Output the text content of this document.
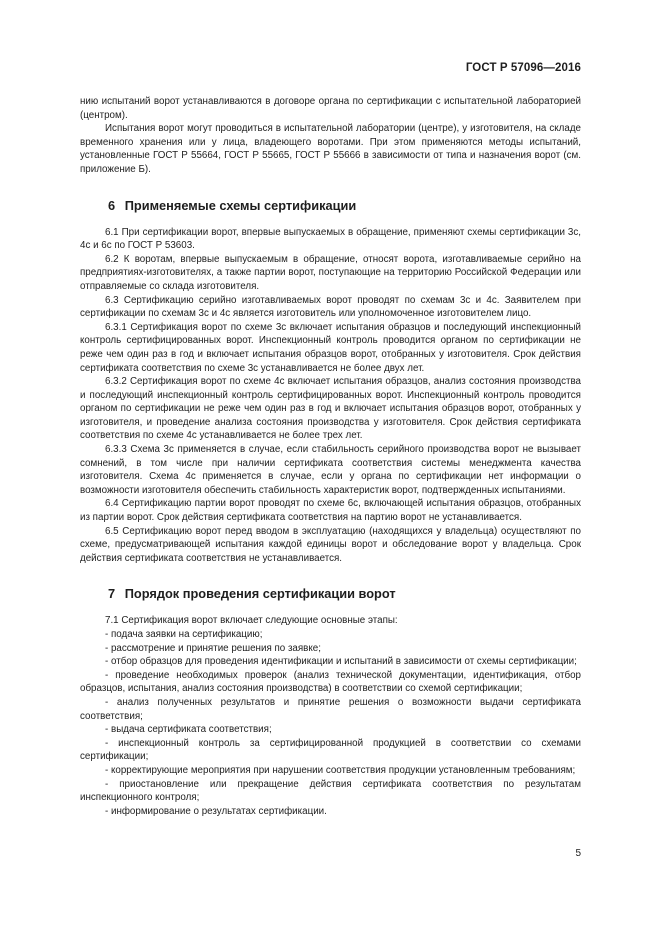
ГОСТ Р 57096—2016

нию испытаний ворот устанавливаются в договоре органа по сертификации с испытательной лабораторией (центром).

Испытания ворот могут проводиться в испытательной лаборатории (центре), у изготовителя, на складе временного хранения или у лица, владеющего воротами. При этом применяются методы испытаний, установленные ГОСТ Р 55664, ГОСТ Р 55665, ГОСТ Р 55666 в зависимости от типа и назначения ворот (см. приложение Б).

6 Применяемые схемы сертификации

6.1 При сертификации ворот, впервые выпускаемых в обращение, применяют схемы сертификации 3с, 4с и 6с по ГОСТ Р 53603.

6.2 К воротам, впервые выпускаемым в обращение, относят ворота, изготавливаемые серийно на предприятиях-изготовителях, а также партии ворот, поступающие на территорию Российской Федерации или отправляемые со склада изготовителя.

6.3 Сертификацию серийно изготавливаемых ворот проводят по схемам 3с и 4с. Заявителем при сертификации по схемам 3с и 4с является изготовитель или уполномоченное изготовителем лицо.

6.3.1 Сертификация ворот по схеме 3с включает испытания образцов и последующий инспекционный контроль сертифицированных ворот. Инспекционный контроль проводится органом по сертификации не реже чем один раз в год и включает испытания образцов ворот, отобранных у изготовителя. Срок действия сертификата соответствия по схеме 3с устанавливается не более двух лет.

6.3.2 Сертификация ворот по схеме 4с включает испытания образцов, анализ состояния производства и последующий инспекционный контроль сертифицированных ворот. Инспекционный контроль проводится органом по сертификации не реже чем один раз в год и включает испытания образцов ворот, отобранных у изготовителя, и проведение анализа состояния производства у изготовителя. Срок действия сертификата соответствия по схеме 4с устанавливается не более трех лет.

6.3.3 Схема 3с применяется в случае, если стабильность серийного производства ворот не вызывает сомнений, в том числе при наличии сертификата соответствия системы менеджмента качества изготовителя. Схема 4с применяется в случае, если у органа по сертификации нет информации о возможности изготовителя обеспечить стабильность характеристик ворот, подтвержденных испытаниями.

6.4 Сертификацию партии ворот проводят по схеме 6с, включающей испытания образцов, отобранных из партии ворот. Срок действия сертификата соответствия на партию ворот не устанавливается.

6.5 Сертификацию ворот перед вводом в эксплуатацию (находящихся у владельца) осуществляют по схеме, предусматривающей испытания каждой единицы ворот и обследование ворот у владельца. Срок действия сертификата соответствия не устанавливается.

7 Порядок проведения сертификации ворот

7.1 Сертификация ворот включает следующие основные этапы:

- подача заявки на сертификацию;

- рассмотрение и принятие решения по заявке;

- отбор образцов для проведения идентификации и испытаний в зависимости от схемы сертификации;

- проведение необходимых проверок (анализ технической документации, идентификация, отбор образцов, испытания, анализ состояния производства) в соответствии со схемой сертификации;

- анализ полученных результатов и принятие решения о возможности выдачи сертификата соответствия;

- выдача сертификата соответствия;

- инспекционный контроль за сертифицированной продукцией в соответствии со схемами сертификации;

- корректирующие мероприятия при нарушении соответствия продукции установленным требованиям;

- приостановление или прекращение действия сертификата соответствия по результатам инспекционного контроля;

- информирование о результатах сертификации.

5
